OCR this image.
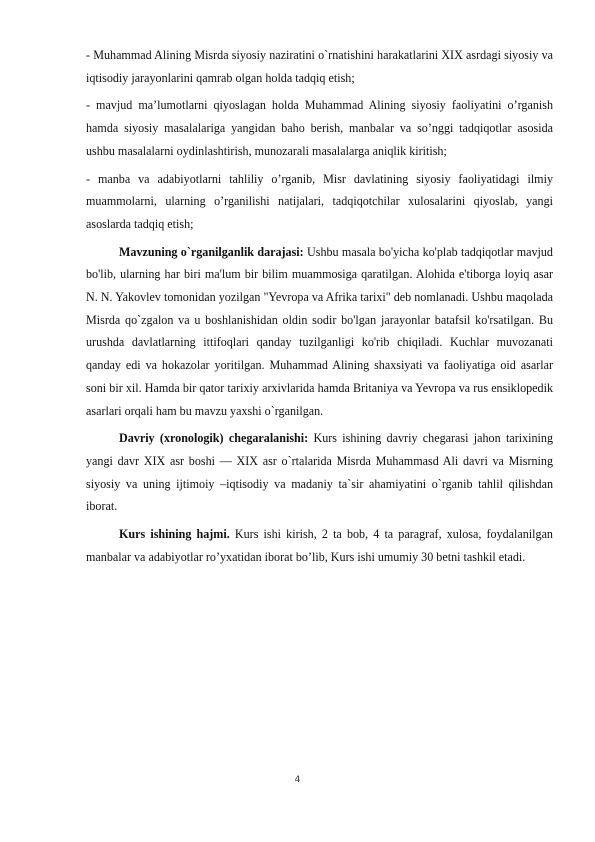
- Muhammad Alining Misrda siyosiy naziratini o`rnatishini harakatlarini XIX asrdagi siyosiy va iqtisodiy jarayonlarini qamrab olgan holda tadqiq etish;

- mavjud ma’lumotlarni qiyoslagan holda Muhammad Alining siyosiy faoliyatini o’rganish hamda siyosiy masalalariga yangidan baho berish, manbalar va so’nggi tadqiqotlar asosida ushbu masalalarni oydinlashtirish, munozarali masalalarga aniqlik kiritish;

- manba va adabiyotlarni tahliliy o’rganib, Misr davlatining siyosiy faoliyatidagi ilmiy muammolarni, ularning o’rganilishi natijalari, tadqiqotchilar xulosalarini qiyoslab, yangi asoslarda tadqiq etish;

Mavzuning o`rganilganlik darajasi: Ushbu masala bo'yicha ko'plab tadqiqotlar mavjud bo'lib, ularning har biri ma'lum bir bilim muammosiga qaratilgan. Alohida e'tiborga loyiq asar N. N. Yakovlev tomonidan yozilgan "Yevropa va Afrika tarixi" deb nomlanadi. Ushbu maqolada Misrda qo`zgalon va u boshlanishidan oldin sodir bo'lgan jarayonlar batafsil ko'rsatilgan. Bu urushda davlatlarning ittifoqlari qanday tuzilganligi ko'rib chiqiladi. Kuchlar muvozanati qanday edi va hokazolar yoritilgan. Muhammad Alining shaxsiyati va faoliyatiga oid asarlar soni bir xil. Hamda bir qator tarixiy arxivlarida hamda Britaniya va Yevropa va rus ensiklopedik asarlari orqali ham bu mavzu yaxshi o`rganilgan.

Davriy (xronologik) chegaralanishi: Kurs ishining davriy chegarasi jahon tarixining yangi davr XIX asr boshi — XIX asr o`rtalarida Misrda Muhammasd Ali davri va Misrning siyosiy va uning ijtimoiy –iqtisodiy va madaniy ta`sir ahamiyatini o`rganib tahlil qilishdan iborat.

Kurs ishining hajmi. Kurs ishi kirish, 2 ta bob, 4 ta paragraf, xulosa, foydalanilgan manbalar va adabiyotlar ro’yxatidan iborat bo’lib, Kurs ishi umumiy 30 betni tashkil etadi.

4
